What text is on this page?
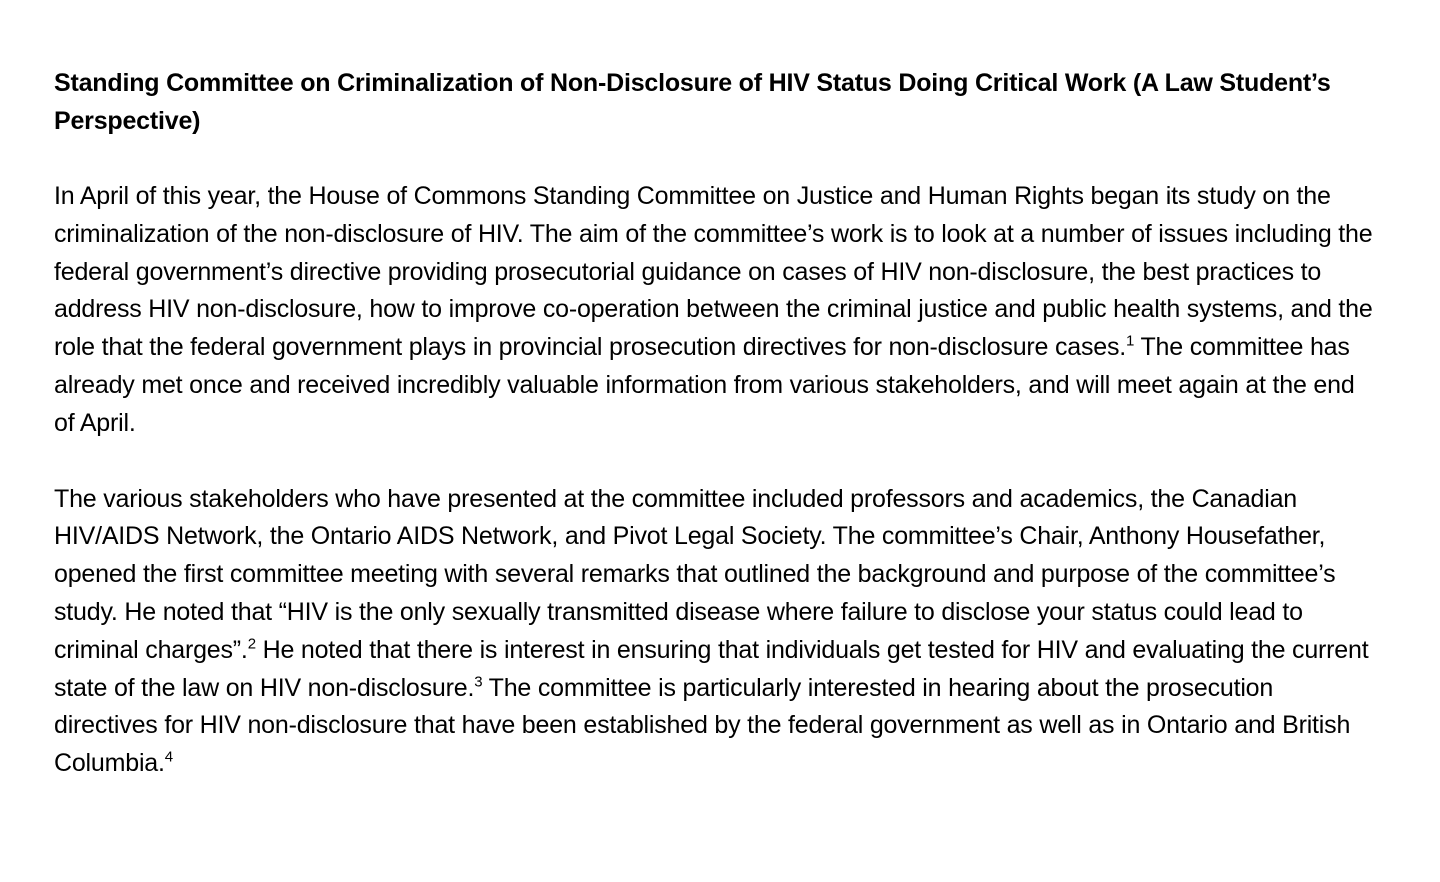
Standing Committee on Criminalization of Non-Disclosure of HIV Status Doing Critical Work (A Law Student’s Perspective)

In April of this year, the House of Commons Standing Committee on Justice and Human Rights began its study on the criminalization of the non-disclosure of HIV. The aim of the committee’s work is to look at a number of issues including the federal government’s directive providing prosecutorial guidance on cases of HIV non-disclosure, the best practices to address HIV non-disclosure, how to improve co-operation between the criminal justice and public health systems, and the role that the federal government plays in provincial prosecution directives for non-disclosure cases.$^1$ The committee has already met once and received incredibly valuable information from various stakeholders, and will meet again at the end of April.

The various stakeholders who have presented at the committee included professors and academics, the Canadian HIV/AIDS Network, the Ontario AIDS Network, and Pivot Legal Society. The committee’s Chair, Anthony Housefather, opened the first committee meeting with several remarks that outlined the background and purpose of the committee’s study. He noted that “HIV is the only sexually transmitted disease where failure to disclose your status could lead to criminal charges”.$^2$ He noted that there is interest in ensuring that individuals get tested for HIV and evaluating the current state of the law on HIV non-disclosure.$^3$ The committee is particularly interested in hearing about the prosecution directives for HIV non-disclosure that have been established by the federal government as well as in Ontario and British Columbia.$^4$
